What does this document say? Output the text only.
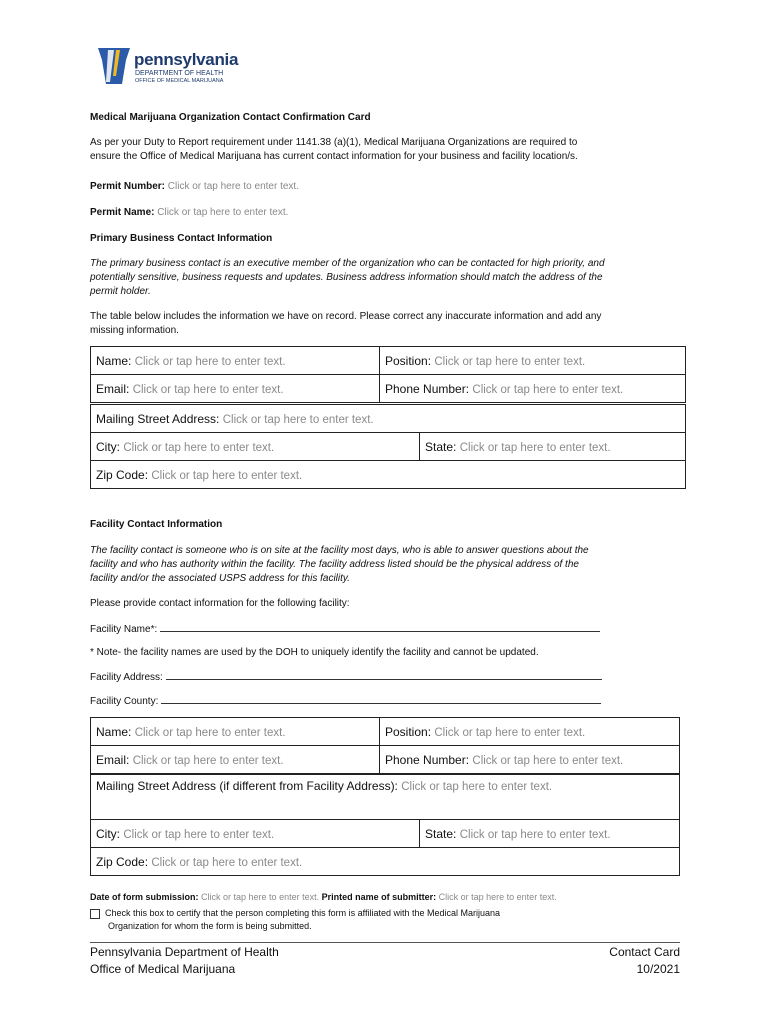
pennsylvania
DEPARTMENT OF HEALTH
OFFICE OF MEDICAL MARIJUANA
Medical Marijuana Organization Contact Confirmation Card
As per your Duty to Report requirement under 1141.38 (a)(1), Medical Marijuana Organizations are required to
ensure the Office of Medical Marijuana has current contact information for your business and facility location/s.
Permit Number: Click or tap here to enter text.
Permit Name: Click or tap here to enter text.
Primary Business Contact Information
The primary business contact is an executive member of the organization who can be contacted for high priority, and
potentially sensitive, business requests and updates. Business address information should match the address of the
permit holder.
The table below includes the information we have on record. Please correct any inaccurate information and add any
missing information.
Name: Click or tap here to enter text.	Position: Click or tap here to enter text.
Email: Click or tap here to enter text.	Phone Number: Click or tap here to enter text.
Mailing Street Address: Click or tap here to enter text.
City: Click or tap here to enter text.	State: Click or tap here to enter text.
Zip Code: Click or tap here to enter text.
Facility Contact Information
The facility contact is someone who is on site at the facility most days, who is able to answer questions about the
facility and who has authority within the facility. The facility address listed should be the physical address of the
facility and/or the associated USPS address for this facility.
Please provide contact information for the following facility:
Facility Name*:
* Note- the facility names are used by the DOH to uniquely identify the facility and cannot be updated.
Facility Address:
Facility County:
Name: Click or tap here to enter text.	Position: Click or tap here to enter text.
Email: Click or tap here to enter text.	Phone Number: Click or tap here to enter text.
Mailing Street Address (if different from Facility Address): Click or tap here to enter text.
City: Click or tap here to enter text.	State: Click or tap here to enter text.
Zip Code: Click or tap here to enter text.
Date of form submission: Click or tap here to enter text. Printed name of submitter: Click or tap here to enter text.
Check this box to certify that the person completing this form is affiliated with the Medical Marijuana
Organization for whom the form is being submitted.
Pennsylvania Department of Health
Office of Medical Marijuana
Contact Card
10/2021
